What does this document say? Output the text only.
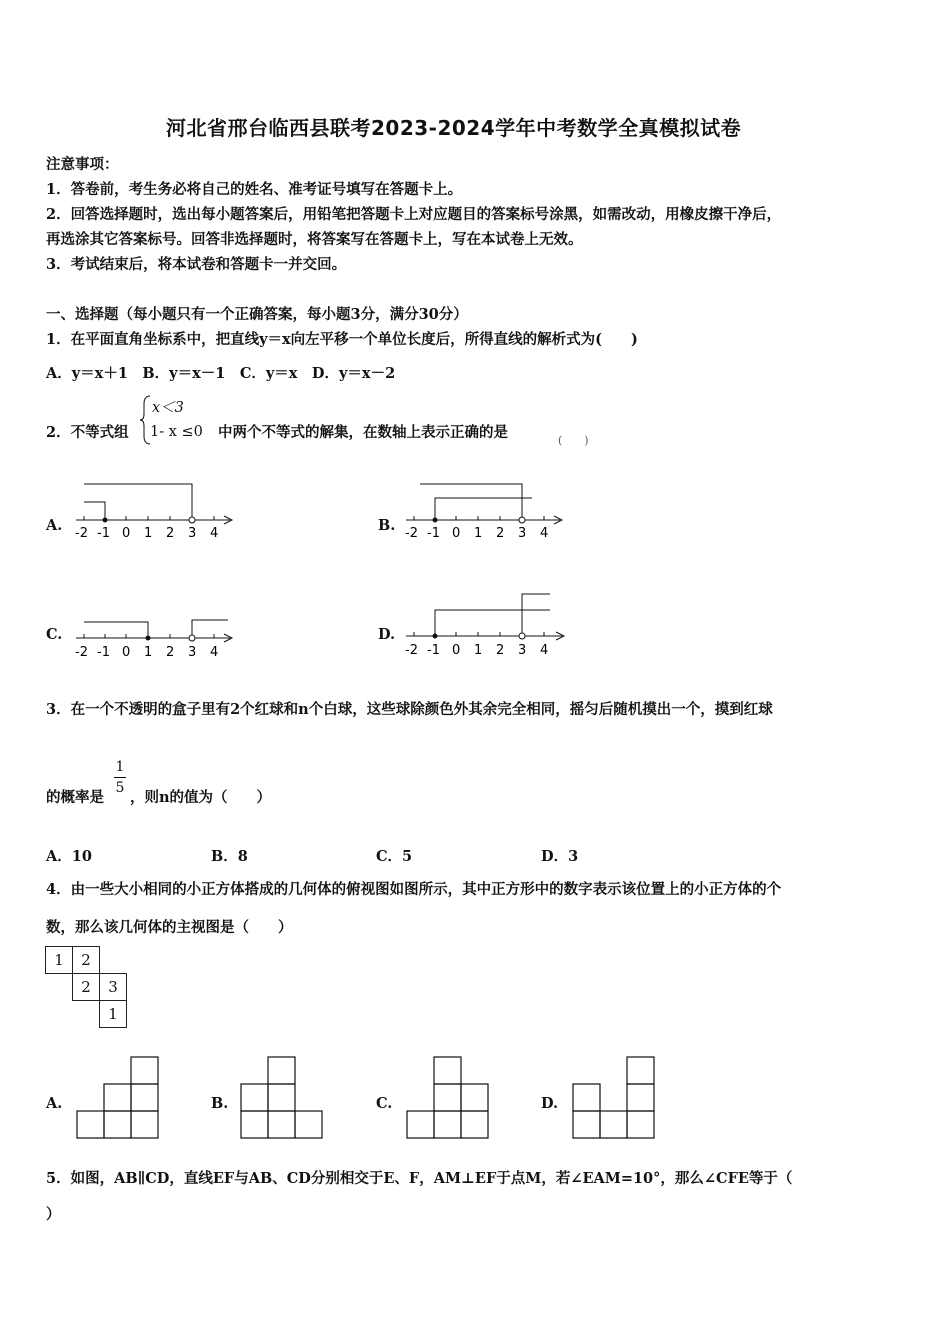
河北省邢台临西县联考2023-2024学年中考数学全真模拟试卷
注意事项：
1．答卷前，考生务必将自己的姓名、准考证号填写在答题卡上。
2．回答选择题时，选出每小题答案后，用铅笔把答题卡上对应题目的答案标号涂黑，如需改动，用橡皮擦干净后，
再选涂其它答案标号。回答非选择题时，将答案写在答题卡上，写在本试卷上无效。
3．考试结束后，将本试卷和答题卡一并交回。
一、选择题（每小题只有一个正确答案，每小题3分，满分30分）
1．在平面直角坐标系中，把直线y＝x向左平移一个单位长度后，所得直线的解析式为(　　)
A．y＝x＋1　B．y＝x－1　C．y＝x　D．y＝x－2
2．不等式组
x＜3
1- x ≤0 中两个不等式的解集，在数轴上表示正确的是	(　　)
A.	B.
C.	D.
-2 -1 0 1 2 3 4	-2 -1 0 1 2 3 4
-2 -1 0 1 2 3 4	-2 -1 0 1 2 3 4
3．在一个不透明的盒子里有2个红球和n个白球，这些球除颜色外其余完全相同，摇匀后随机摸出一个，摸到红球
的概率是
1
5
，则n的值为（　　）
A．10	B．8	C．5	D．3
4．由一些大小相同的小正方体搭成的几何体的俯视图如图所示，其中正方形中的数字表示该位置上的小正方体的个
数，那么该几何体的主视图是（　　）
1	2	
	2	3
		1
A.	B.	C.	D.
5．如图，AB∥CD，直线EF与AB、CD分别相交于E、F，AM⊥EF于点M，若∠EAM=10°，那么∠CFE等于（
）
